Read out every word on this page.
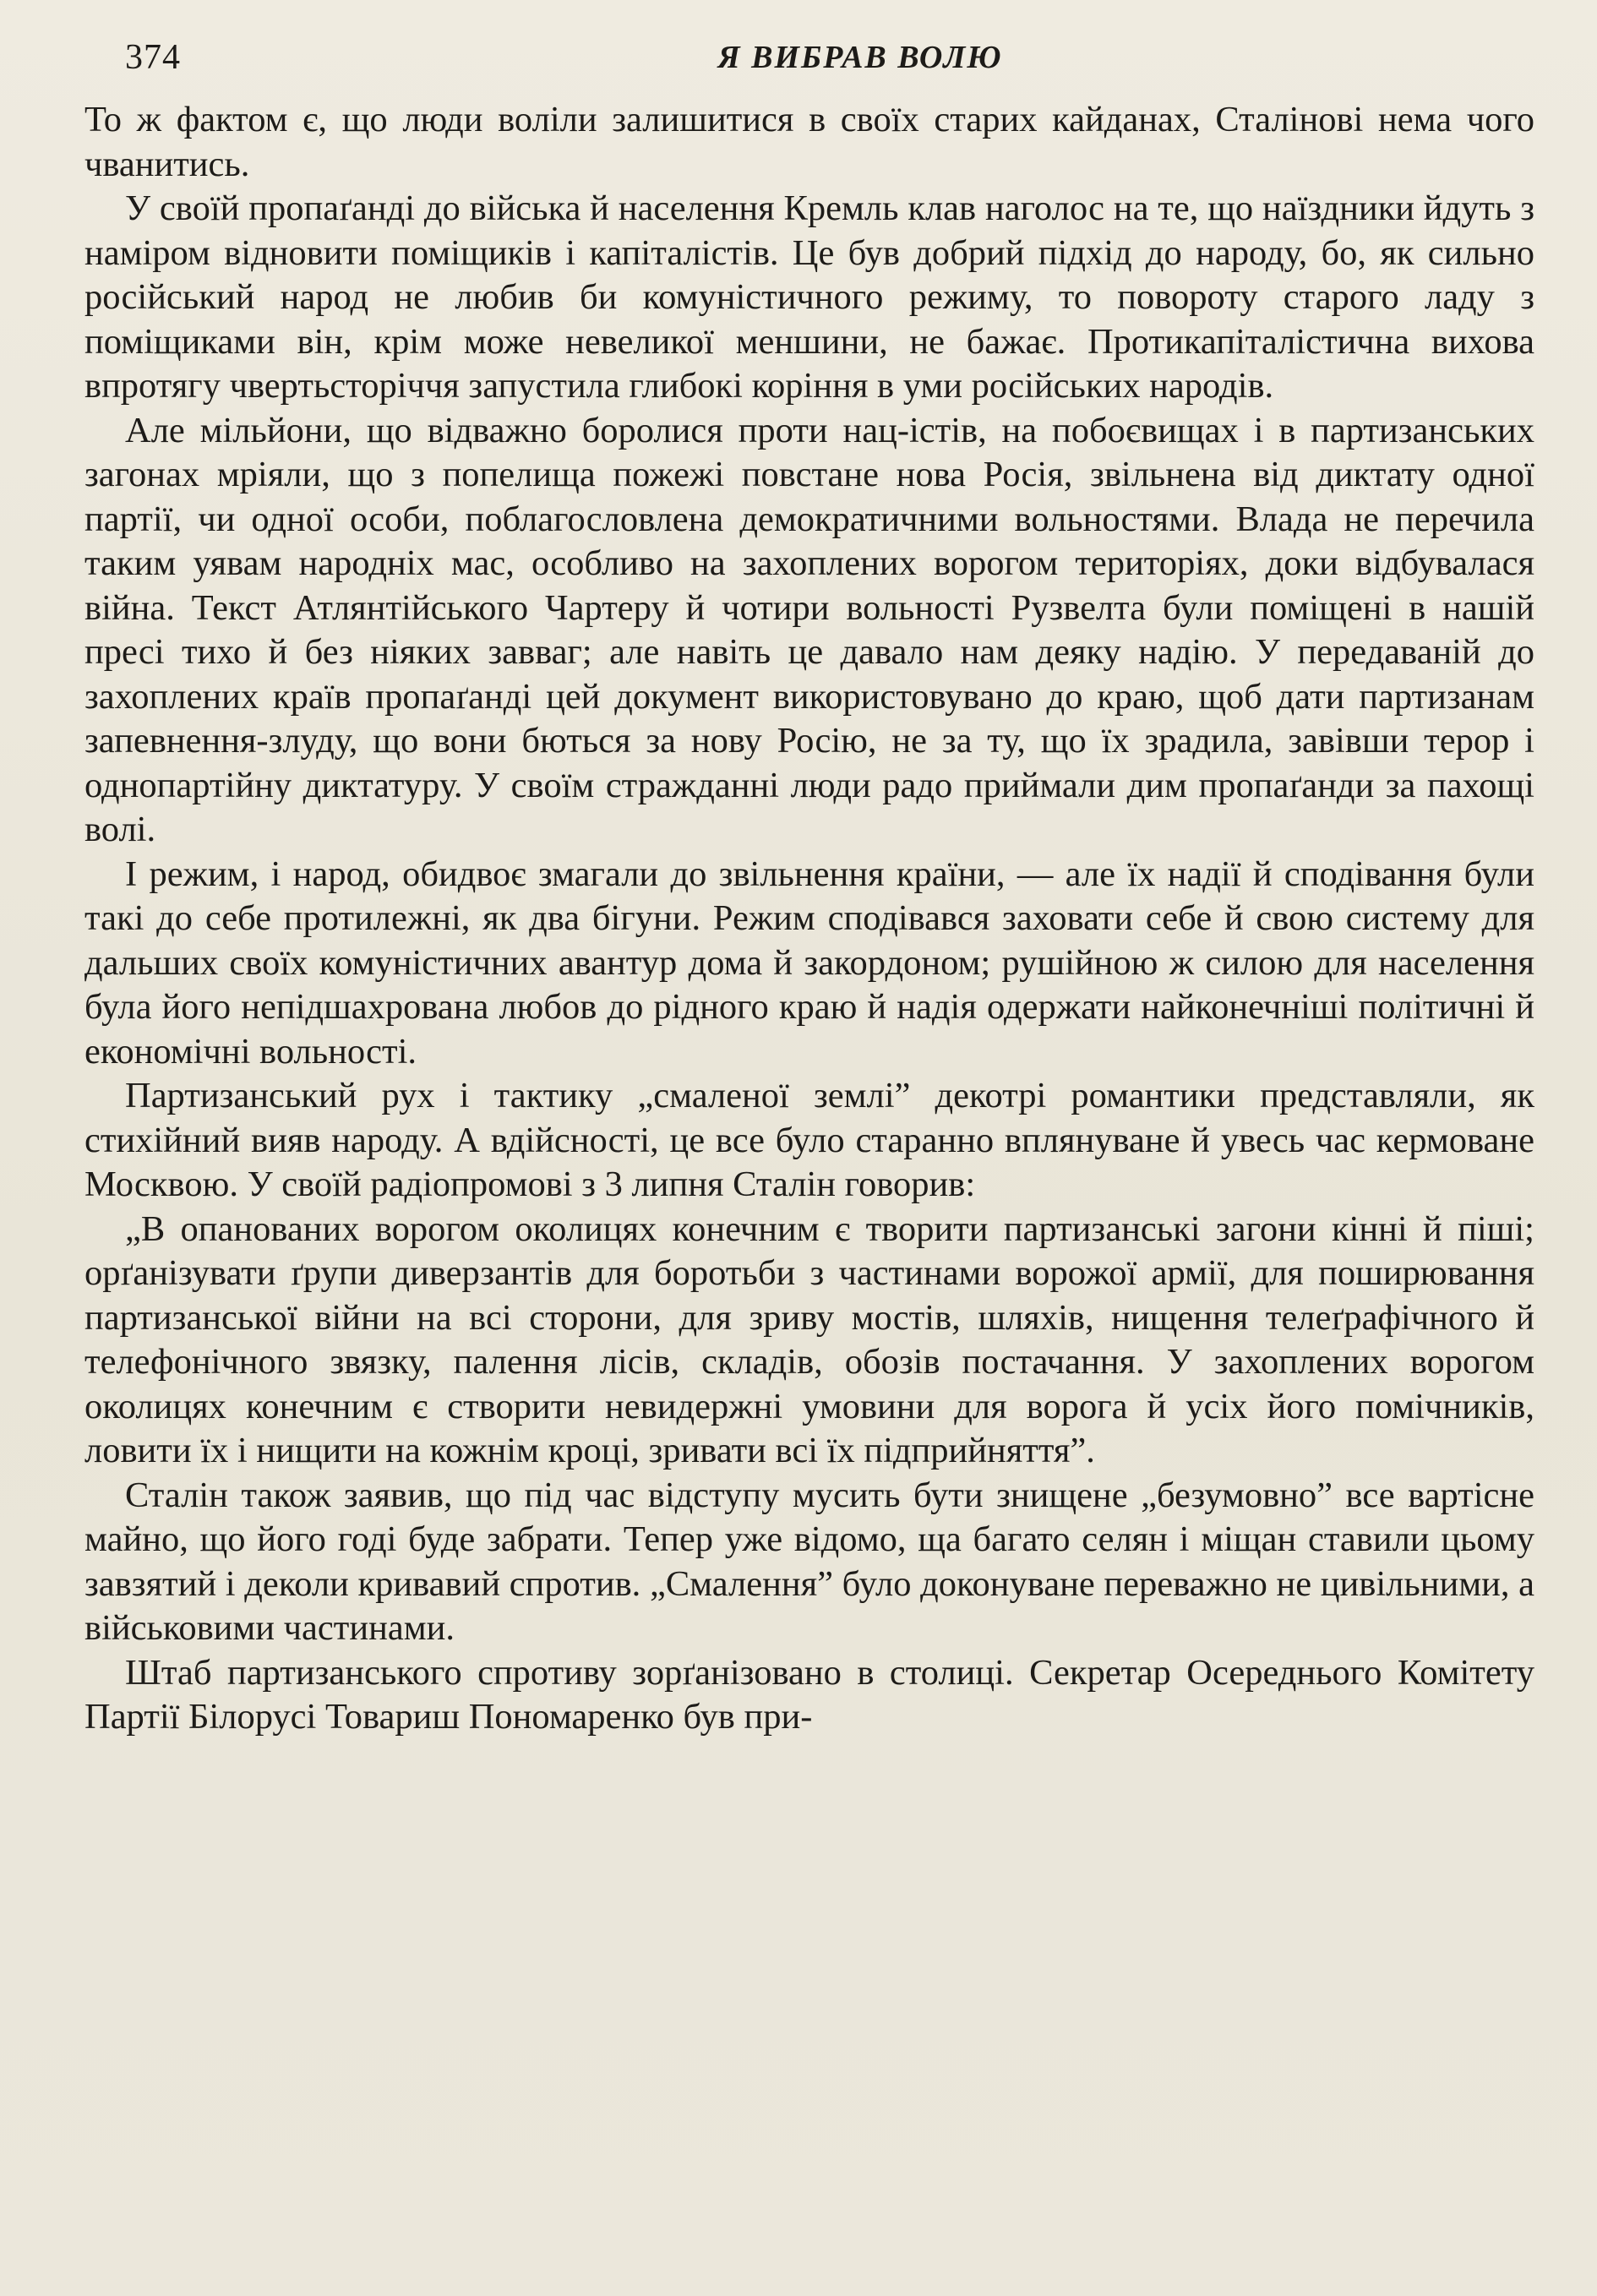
374	Я ВИБРАВ ВОЛЮ

То ж фактом є, що люди воліли залишитися в своїх старих кайданах, Сталінові нема чого чванитись.

У своїй пропаґанді до війська й населення Кремль клав наголос на те, що наїздники йдуть з наміром відновити поміщиків і капіталістів. Це був добрий підхід до народу, бо, як сильно російський народ не любив би комуністичного режиму, то повороту старого ладу з поміщиками він, крім може невеликої меншини, не бажає. Протикапіталістична вихова впротягу чвертьсторіччя запустила глибокі коріння в уми російських народів.

Але мільйони, що відважно боролися проти нац-істів, на побоєвищах і в партизанських загонах мріяли, що з попелища пожежі повстане нова Росія, звільнена від диктату одної партії, чи одної особи, поблагословлена демократичними вольностями. Влада не перечила таким уявам народніх мас, особливо на захоплених ворогом територіях, доки відбувалася війна. Текст Атлянтійського Чартеру й чотири вольності Рузвелта були поміщені в нашій пресі тихо й без ніяких завваг; але навіть це давало нам деяку надію. У передаваній до захоплених країв пропаґанді цей документ використовувано до краю, щоб дати партизанам запевнення-злуду, що вони бються за нову Росію, не за ту, що їх зрадила, завівши терор і однопартійну диктатуру. У своїм стражданні люди радо приймали дим пропаґанди за пахощі волі.

І режим, і народ, обидвоє змагали до звільнення країни, — але їх надії й сподівання були такі до себе протилежні, як два бігуни. Режим сподівався заховати себе й свою систему для дальших своїх комуністичних авантур дома й закордоном; рушійною ж силою для населення була його непідшахрована любов до рідного краю й надія одержати найконечніші політичні й економічні вольності.

Партизанський рух і тактику „смаленої землі” декотрі романтики представляли, як стихійний вияв народу. А вдійсності, це все було старанно вплянуване й увесь час кермоване Москвою. У своїй радіопромові з 3 липня Сталін говорив:

„В опанованих ворогом околицях конечним є творити партизанські загони кінні й піші; орґанізувати ґрупи диверзантів для боротьби з частинами ворожої армії, для поширювання партизанської війни на всі сторони, для зриву мостів, шляхів, нищення телеґрафічного й телефонічного звязку, палення лісів, складів, обозів постачання. У захоплених ворогом околицях конечним є створити невидержні умовини для ворога й усіх його помічників, ловити їх і нищити на кожнім кроці, зривати всі їх підприйняття”.

Сталін також заявив, що під час відступу мусить бути знищене „безумовно” все вартісне майно, що його годі буде забрати. Тепер уже відомо, ща багато селян і міщан ставили цьому завзятий і деколи кривавий спротив. „Смалення” було доконуване переважно не цивільними, а військовими частинами.

Штаб партизанського спротиву зорґанізовано в столиці. Секретар Осереднього Комітету Партії Білорусі Товариш Пономаренко був при-
